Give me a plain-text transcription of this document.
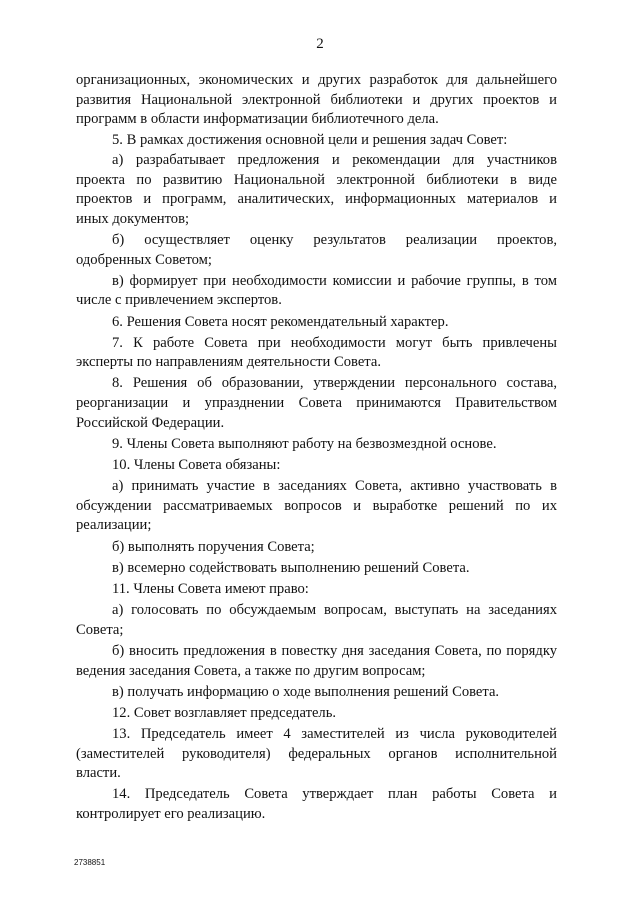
2
организационных, экономических и других разработок для дальнейшего
развития Национальной электронной библиотеки и других проектов и
программ в области информатизации библиотечного дела.
5. В рамках достижения основной цели и решения задач Совет:
а) разрабатывает предложения и рекомендации для участников
проекта по развитию Национальной электронной библиотеки в виде
проектов и программ, аналитических, информационных материалов и
иных документов;
б) осуществляет оценку результатов реализации проектов,
одобренных Советом;
в) формирует при необходимости комиссии и рабочие группы, в том
числе с привлечением экспертов.
6. Решения Совета носят рекомендательный характер.
7. К работе Совета при необходимости могут быть привлечены
эксперты по направлениям деятельности Совета.
8. Решения об образовании, утверждении персонального состава,
реорганизации и упразднении Совета принимаются Правительством
Российской Федерации.
9. Члены Совета выполняют работу на безвозмездной основе.
10. Члены Совета обязаны:
а) принимать участие в заседаниях Совета, активно участвовать в
обсуждении рассматриваемых вопросов и выработке решений по их
реализации;
б) выполнять поручения Совета;
в) всемерно содействовать выполнению решений Совета.
11. Члены Совета имеют право:
а) голосовать по обсуждаемым вопросам, выступать на заседаниях
Совета;
б) вносить предложения в повестку дня заседания Совета, по порядку
ведения заседания Совета, а также по другим вопросам;
в) получать информацию о ходе выполнения решений Совета.
12. Совет возглавляет председатель.
13. Председатель имеет 4 заместителей из числа руководителей
(заместителей руководителя) федеральных органов исполнительной
власти.
14. Председатель Совета утверждает план работы Совета и
контролирует его реализацию.
2738851
